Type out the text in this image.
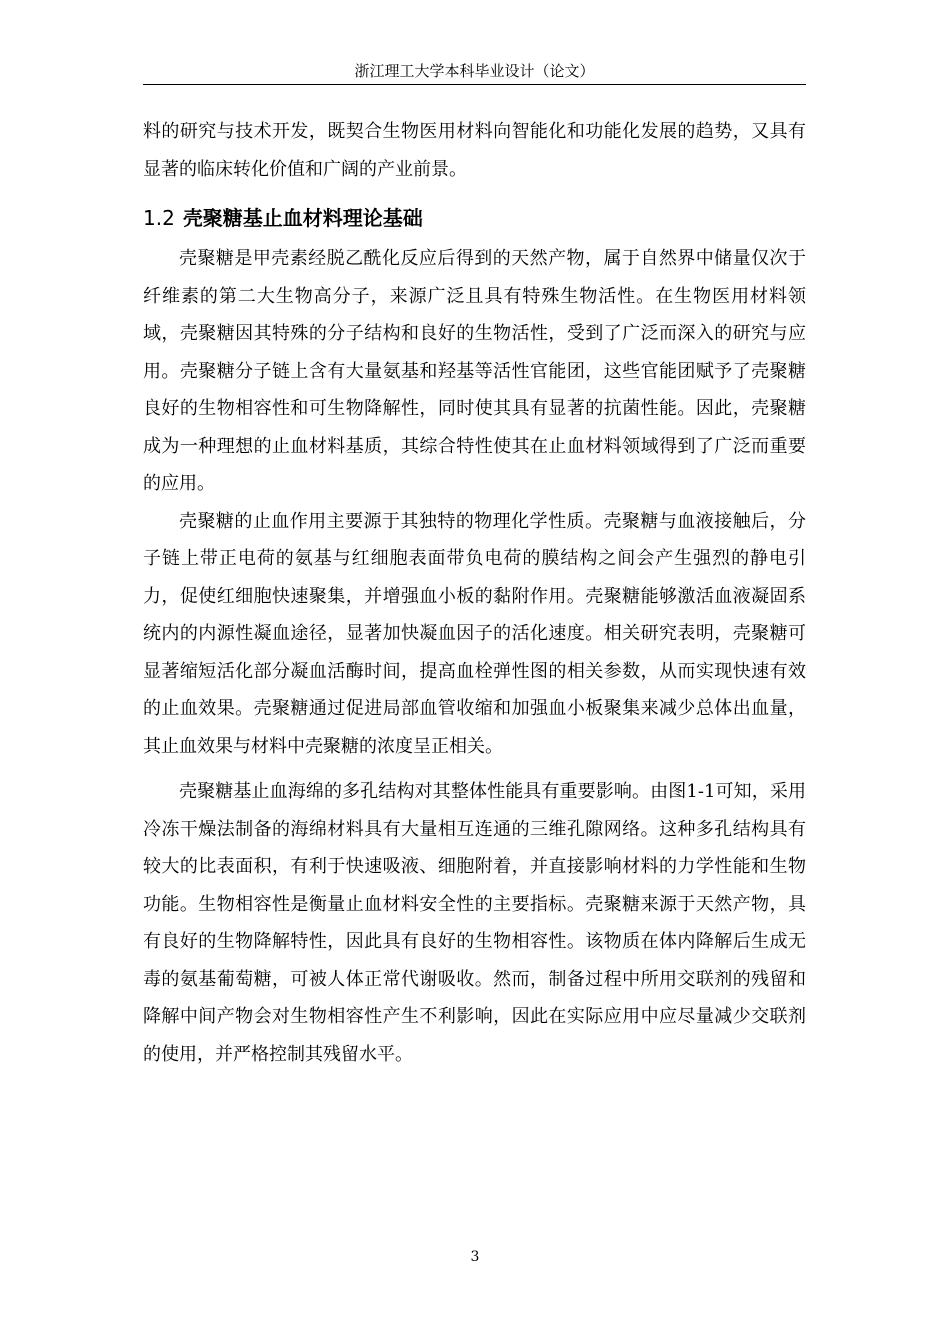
浙江理工大学本科毕业设计（论文）

料的研究与技术开发，既契合生物医用材料向智能化和功能化发展的趋势，又具有显著的临床转化价值和广阔的产业前景。

1.2 壳聚糖基止血材料理论基础

壳聚糖是甲壳素经脱乙酰化反应后得到的天然产物，属于自然界中储量仅次于纤维素的第二大生物高分子，来源广泛且具有特殊生物活性。在生物医用材料领域，壳聚糖因其特殊的分子结构和良好的生物活性，受到了广泛而深入的研究与应用。壳聚糖分子链上含有大量氨基和羟基等活性官能团，这些官能团赋予了壳聚糖良好的生物相容性和可生物降解性，同时使其具有显著的抗菌性能。因此，壳聚糖成为一种理想的止血材料基质，其综合特性使其在止血材料领域得到了广泛而重要的应用。

壳聚糖的止血作用主要源于其独特的物理化学性质。壳聚糖与血液接触后，分子链上带正电荷的氨基与红细胞表面带负电荷的膜结构之间会产生强烈的静电引力，促使红细胞快速聚集，并增强血小板的黏附作用。壳聚糖能够激活血液凝固系统内的内源性凝血途径，显著加快凝血因子的活化速度。相关研究表明，壳聚糖可显著缩短活化部分凝血活酶时间，提高血栓弹性图的相关参数，从而实现快速有效的止血效果。壳聚糖通过促进局部血管收缩和加强血小板聚集来减少总体出血量，其止血效果与材料中壳聚糖的浓度呈正相关。

壳聚糖基止血海绵的多孔结构对其整体性能具有重要影响。由图1-1可知，采用冷冻干燥法制备的海绵材料具有大量相互连通的三维孔隙网络。这种多孔结构具有较大的比表面积，有利于快速吸液、细胞附着，并直接影响材料的力学性能和生物功能。生物相容性是衡量止血材料安全性的主要指标。壳聚糖来源于天然产物，具有良好的生物降解特性，因此具有良好的生物相容性。该物质在体内降解后生成无毒的氨基葡萄糖，可被人体正常代谢吸收。然而，制备过程中所用交联剂的残留和降解中间产物会对生物相容性产生不利影响，因此在实际应用中应尽量减少交联剂的使用，并严格控制其残留水平。

3
